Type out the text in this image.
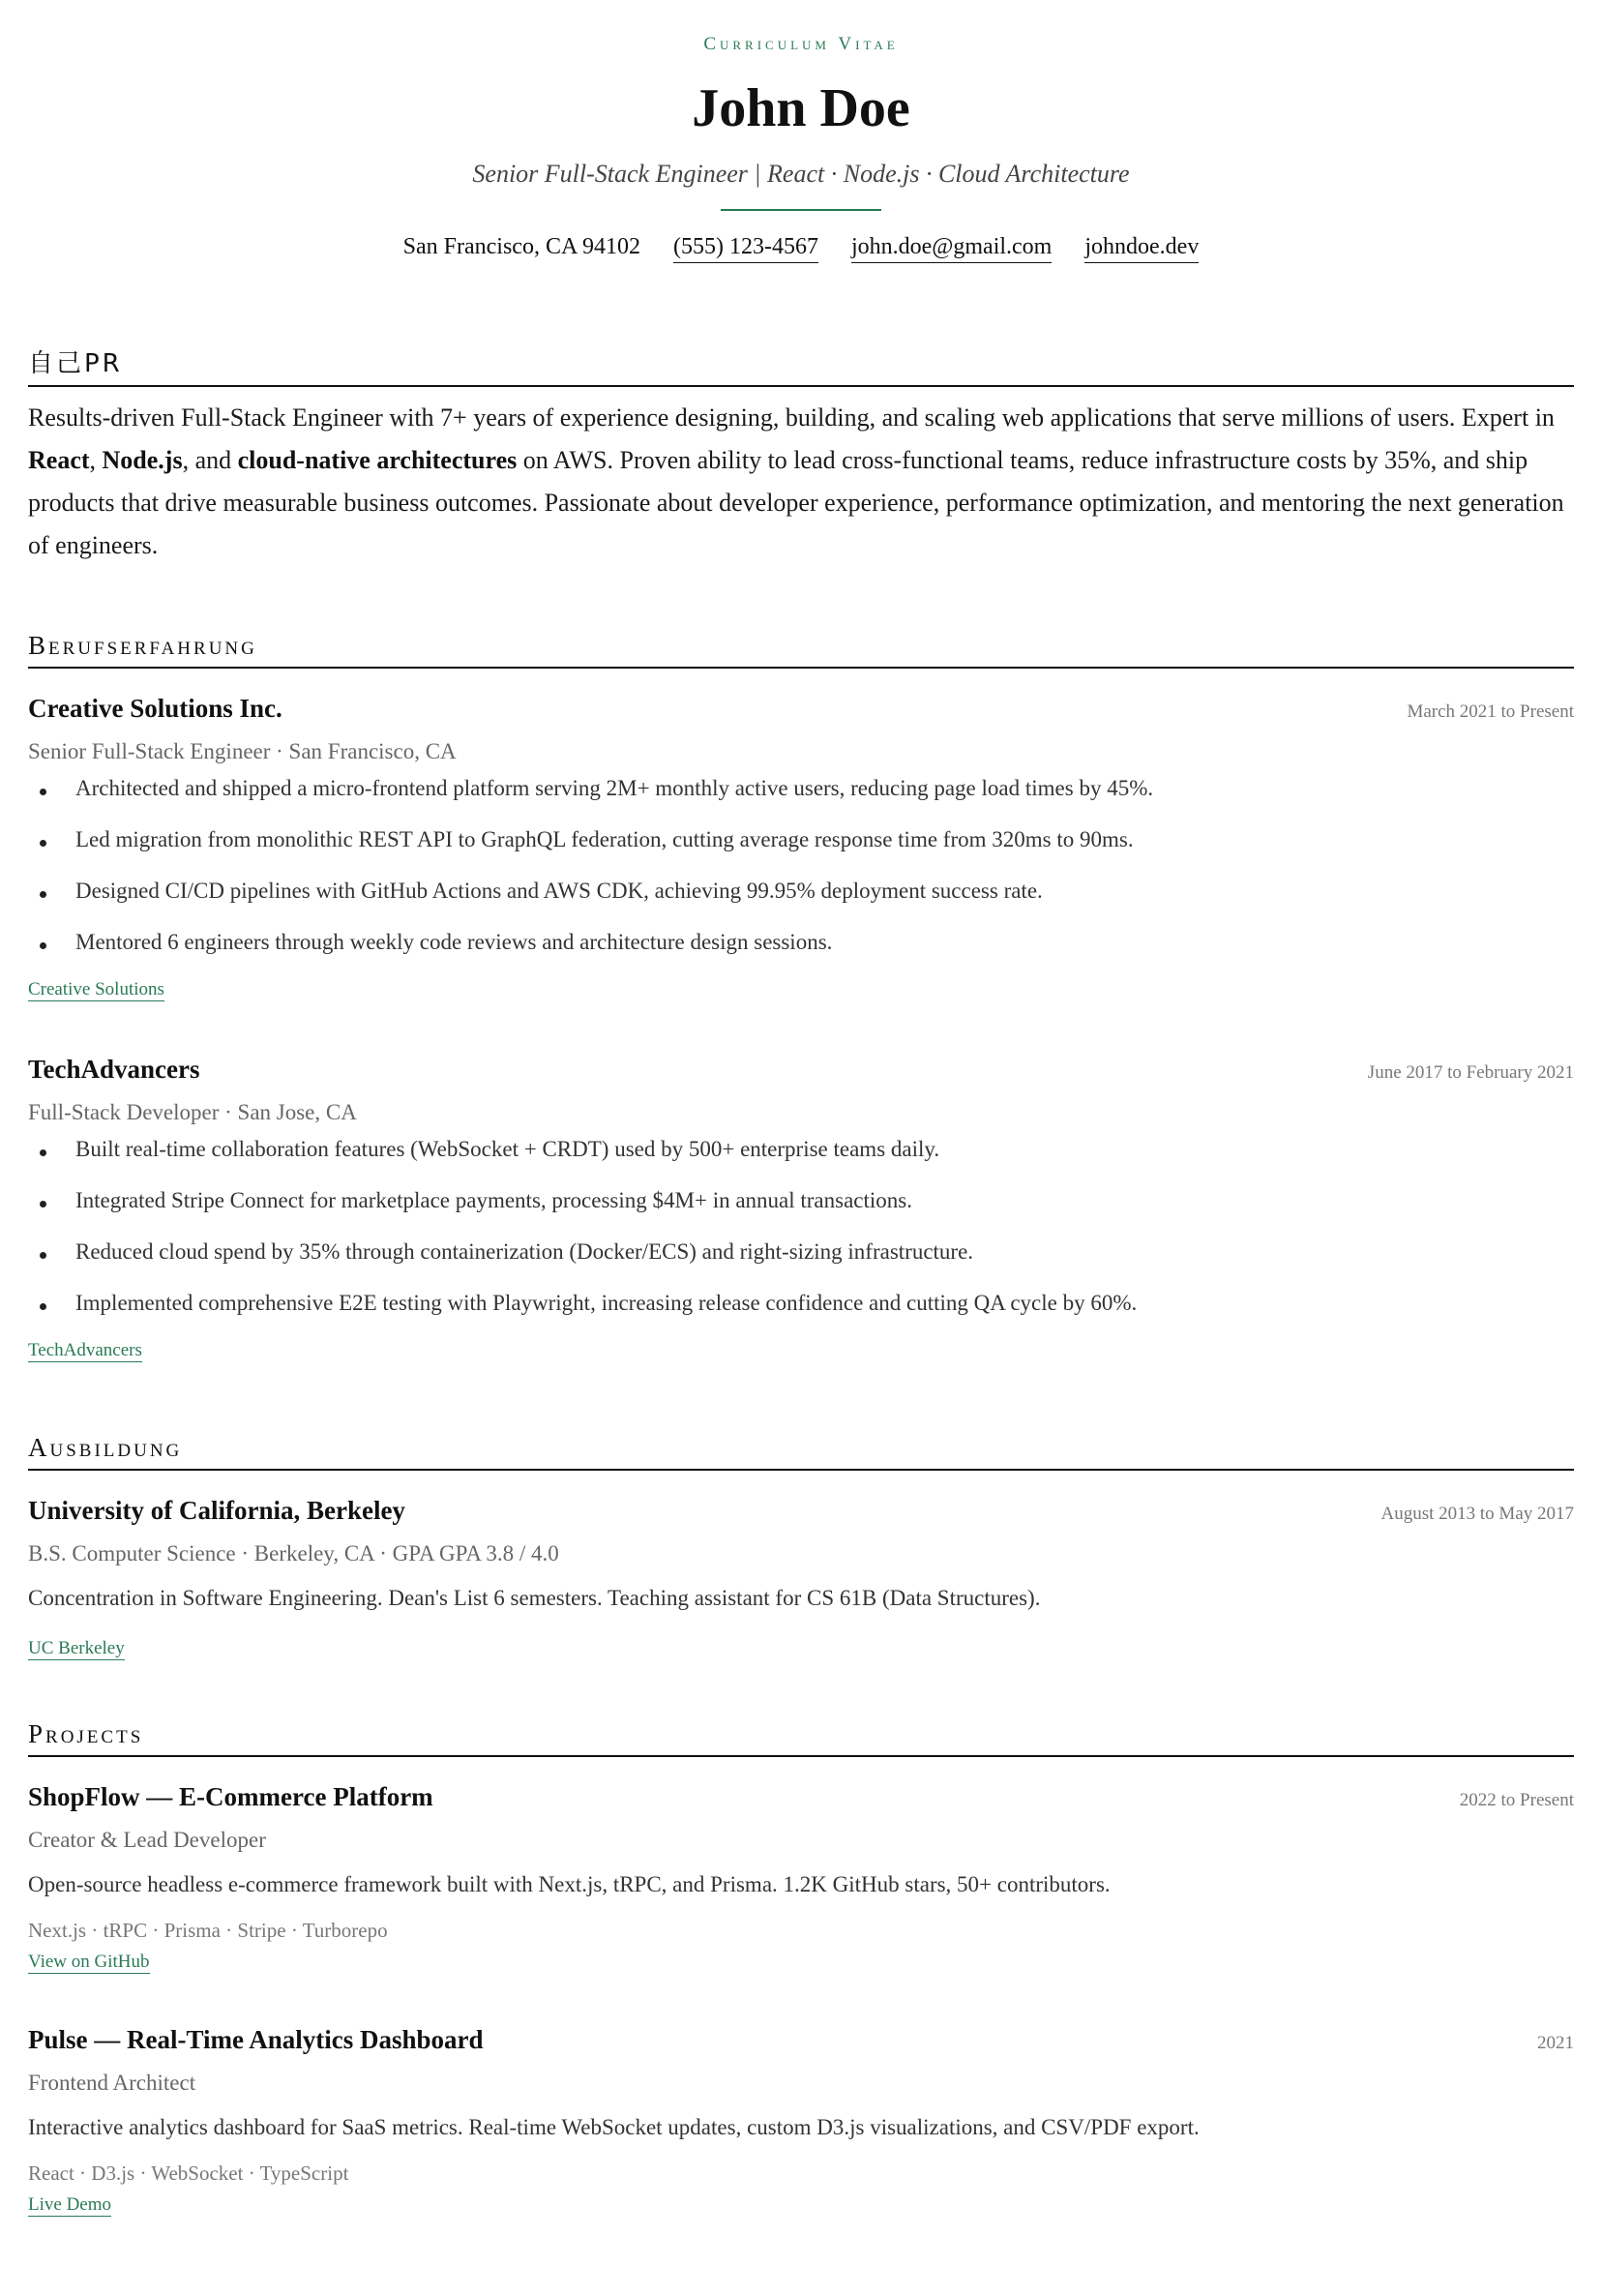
Curriculum Vitae
John Doe
Senior Full-Stack Engineer | React · Node.js · Cloud Architecture
San Francisco, CA 94102 (555) 123-4567 john.doe@gmail.com johndoe.dev
自己PR
Results-driven Full-Stack Engineer with 7+ years of experience designing, building, and scaling web applications that serve millions of users. Expert in React, Node.js, and cloud-native architectures on AWS. Proven ability to lead cross-functional teams, reduce infrastructure costs by 35%, and ship products that drive measurable business outcomes. Passionate about developer experience, performance optimization, and mentoring the next generation of engineers.
Berufserfahrung
Creative Solutions Inc.	March 2021 to Present
Senior Full-Stack Engineer · San Francisco, CA
Architected and shipped a micro-frontend platform serving 2M+ monthly active users, reducing page load times by 45%.
Led migration from monolithic REST API to GraphQL federation, cutting average response time from 320ms to 90ms.
Designed CI/CD pipelines with GitHub Actions and AWS CDK, achieving 99.95% deployment success rate.
Mentored 6 engineers through weekly code reviews and architecture design sessions.
Creative Solutions
TechAdvancers	June 2017 to February 2021
Full-Stack Developer · San Jose, CA
Built real-time collaboration features (WebSocket + CRDT) used by 500+ enterprise teams daily.
Integrated Stripe Connect for marketplace payments, processing $4M+ in annual transactions.
Reduced cloud spend by 35% through containerization (Docker/ECS) and right-sizing infrastructure.
Implemented comprehensive E2E testing with Playwright, increasing release confidence and cutting QA cycle by 60%.
TechAdvancers
Ausbildung
University of California, Berkeley	August 2013 to May 2017
B.S. Computer Science · Berkeley, CA · GPA GPA 3.8 / 4.0
Concentration in Software Engineering. Dean's List 6 semesters. Teaching assistant for CS 61B (Data Structures).
UC Berkeley
Projects
ShopFlow — E-Commerce Platform	2022 to Present
Creator & Lead Developer
Open-source headless e-commerce framework built with Next.js, tRPC, and Prisma. 1.2K GitHub stars, 50+ contributors.
Next.js · tRPC · Prisma · Stripe · Turborepo
View on GitHub
Pulse — Real-Time Analytics Dashboard	2021
Frontend Architect
Interactive analytics dashboard for SaaS metrics. Real-time WebSocket updates, custom D3.js visualizations, and CSV/PDF export.
React · D3.js · WebSocket · TypeScript
Live Demo
